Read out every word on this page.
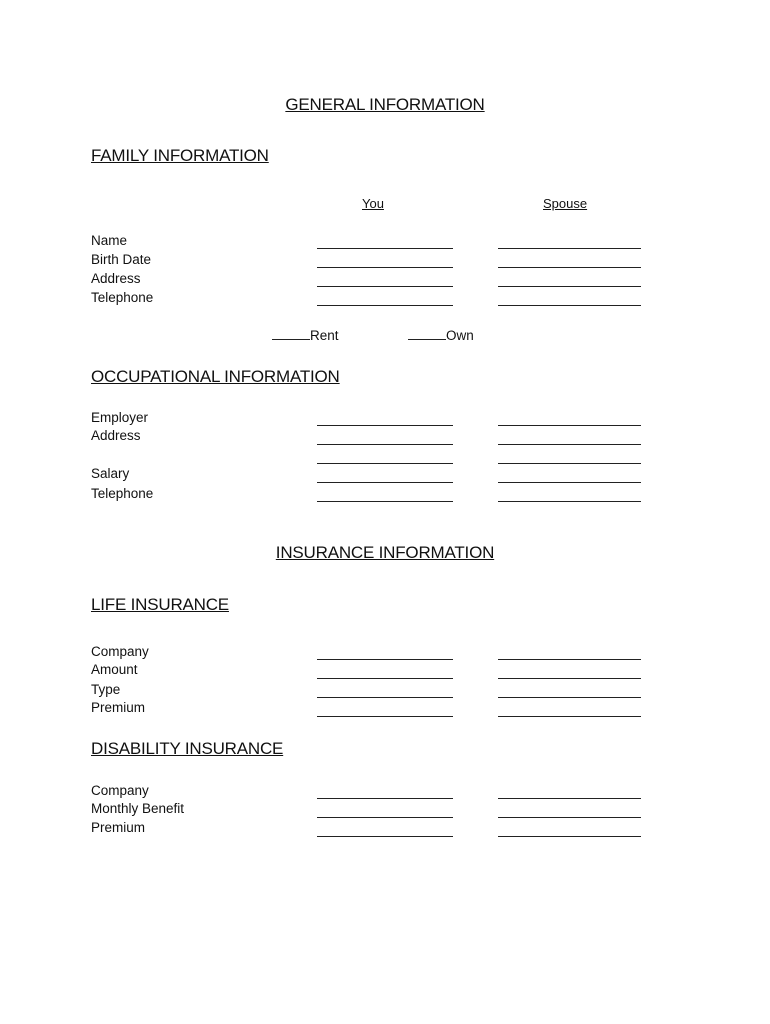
GENERAL INFORMATION
FAMILY INFORMATION
You	Spouse
Name
Birth Date
Address
Telephone
Rent	Own
OCCUPATIONAL INFORMATION
Employer
Address
Salary
Telephone
INSURANCE INFORMATION
LIFE INSURANCE
Company
Amount
Type
Premium
DISABILITY INSURANCE
Company
Monthly Benefit
Premium
